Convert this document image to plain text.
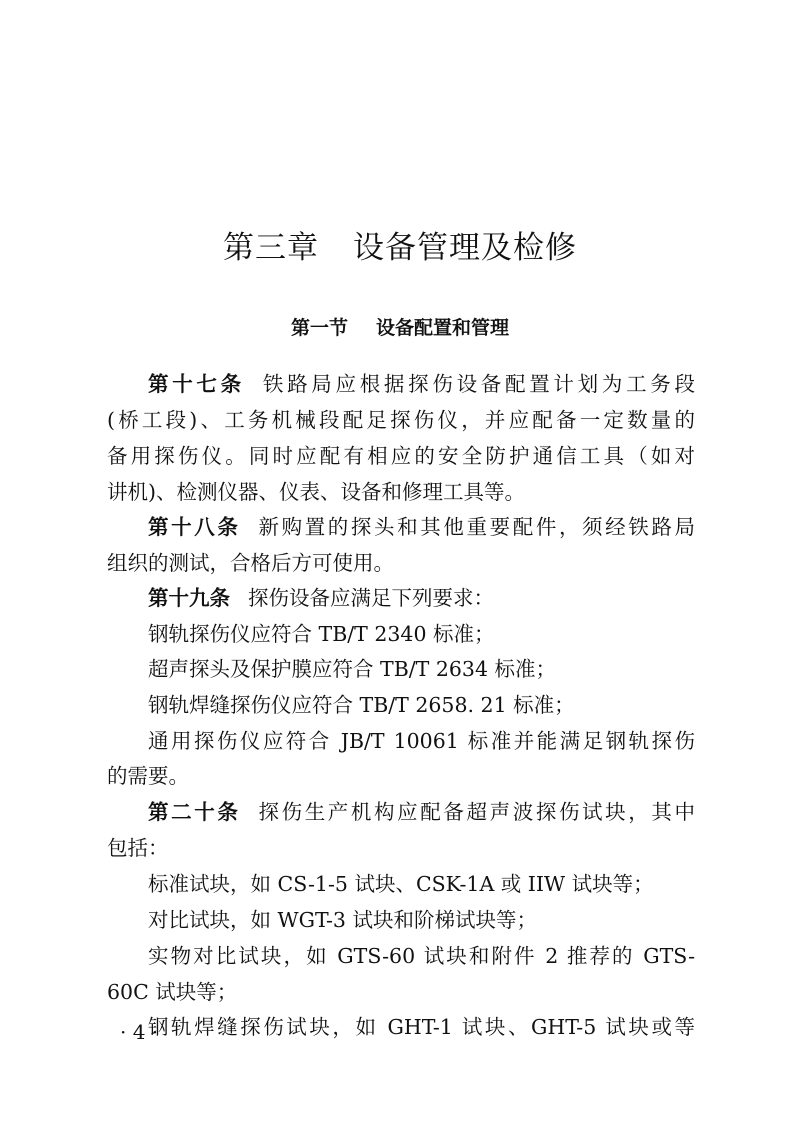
第三章 设备管理及检修
第一节 设备配置和管理
第十七条 铁路局应根据探伤设备配置计划为工务段
(桥工段)、工务机械段配足探伤仪，并应配备一定数量的
备用探伤仪。同时应配有相应的安全防护通信工具（如对
讲机)、检测仪器、仪表、设备和修理工具等。
第十八条 新购置的探头和其他重要配件，须经铁路局
组织的测试，合格后方可使用。
第十九条 探伤设备应满足下列要求：
钢轨探伤仪应符合 TB/T 2340 标准；
超声探头及保护膜应符合 TB/T 2634 标准；
钢轨焊缝探伤仪应符合 TB/T 2658. 21 标准；
通用探伤仪应符合 JB/T 10061 标准并能满足钢轨探伤
的需要。
第二十条 探伤生产机构应配备超声波探伤试块，其中
包括：
标准试块，如 CS-1-5 试块、CSK-1A 或 IIW 试块等；
对比试块，如 WGT-3 试块和阶梯试块等；
实物对比试块，如 GTS-60 试块和附件 2 推荐的 GTS-
60C 试块等；
钢轨焊缝探伤试块，如 GHT-1 试块、GHT-5 试块或等
· 4 ·
